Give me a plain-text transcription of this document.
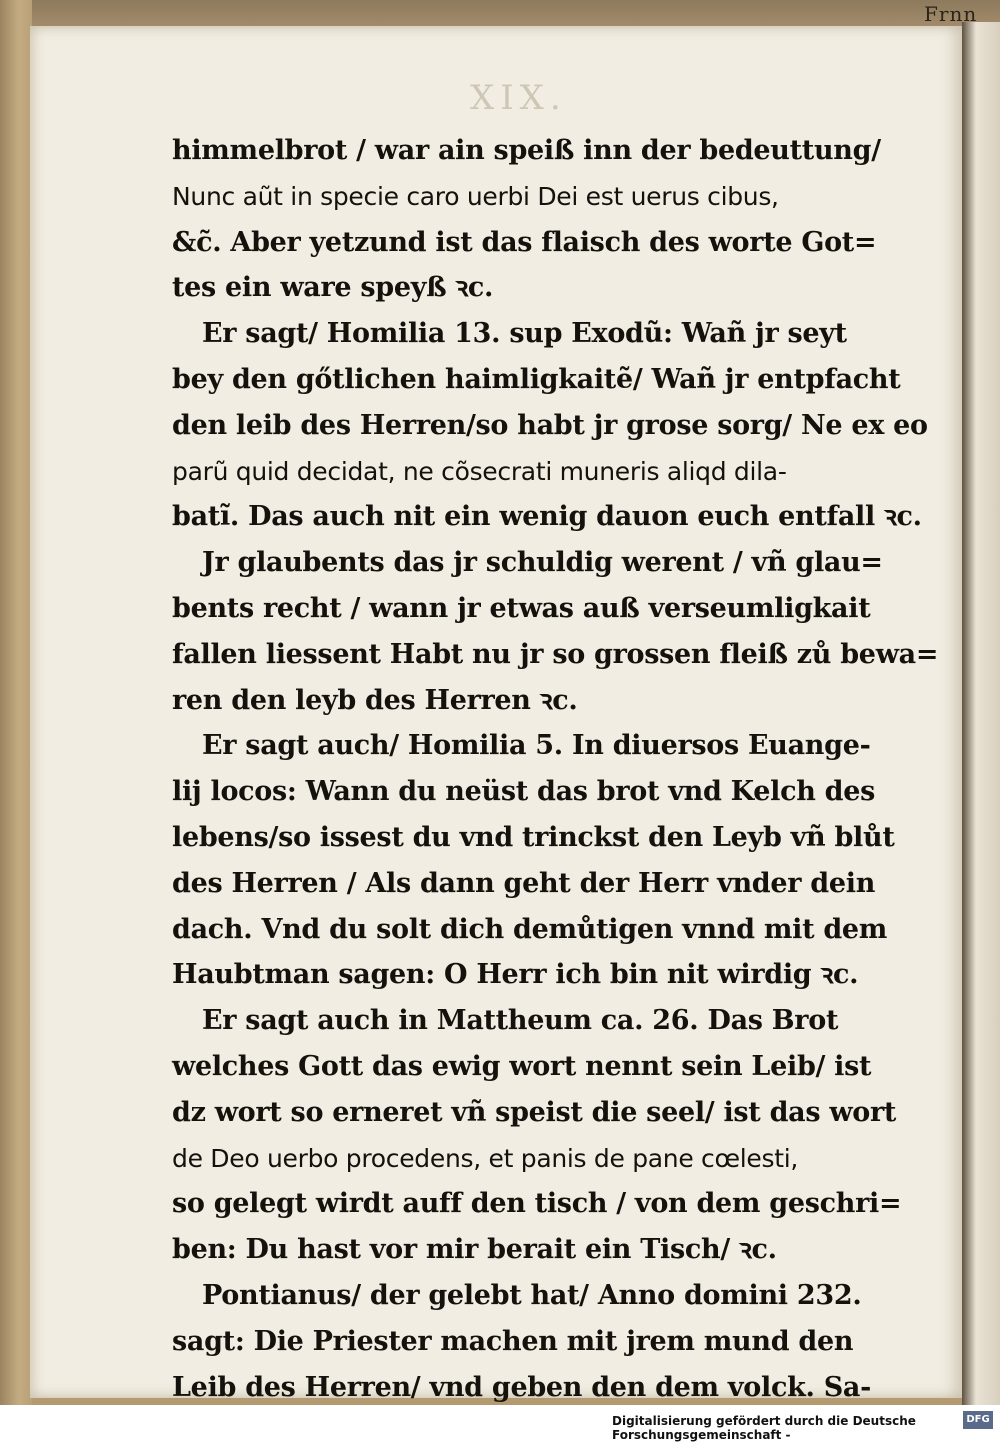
Frnn
XIX.
himmelbrot / war ain speiß inn der bedeuttung/
Nunc aũt in specie caro uerbi Dei est uerus cibus,
&c̃. Aber yetzund ist das flaisch des worte Got=
tes ein ware speyß ꝛc.
Er sagt/ Homilia 13. sup Exodũ: Wañ jr seyt
bey den gőtlichen haimligkaitẽ/ Wañ jr entpfacht
den leib des Herren/so habt jr grose sorg/ Ne ex eo
parũ quid decidat, ne cõsecrati muneris aliqd dila-
batĩ. Das auch nit ein wenig dauon euch entfall ꝛc.
Jr glaubents das jr schuldig werent / vñ glau=
bents recht / wann jr etwas auß verseumligkait
fallen liessent Habt nu jr so grossen fleiß zů bewa=
ren den leyb des Herren ꝛc.
Er sagt auch/ Homilia 5. In diuersos Euange-
lij locos: Wann du neüst das brot vnd Kelch des
lebens/so issest du vnd trinckst den Leyb vñ blůt
des Herren / Als dann geht der Herr vnder dein
dach. Vnd du solt dich demůtigen vnnd mit dem
Haubtman sagen: O Herr ich bin nit wirdig ꝛc.
Er sagt auch in Mattheum ca. 26. Das Brot
welches Gott das ewig wort nennt sein Leib/ ist
dz wort so erneret vñ speist die seel/ ist das wort
de Deo uerbo procedens, et panis de pane cœlesti,
so gelegt wirdt auff den tisch / von dem geschri=
ben: Du hast vor mir berait ein Tisch/ ꝛc.
Pontianus/ der gelebt hat/ Anno domini 232.
sagt: Die Priester machen mit jrem mund den
Leib des Herren/ vnd geben den dem volck. Sa-
Digitalisierung gefördert durch die Deutsche Forschungsgemeinschaft -
DFG
